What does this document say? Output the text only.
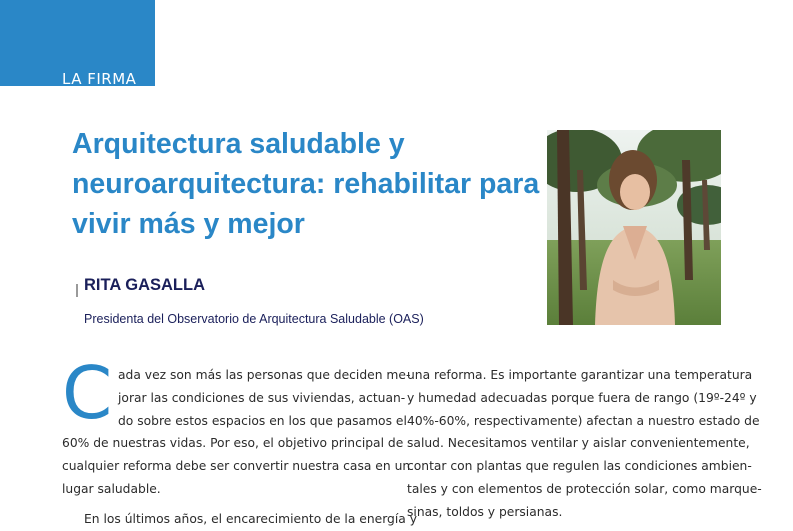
LA FIRMA
Arquitectura saludable y neuroarquitectura: rehabilitar para vivir más y mejor
RITA GASALLA
Presidenta del Observatorio de Arquitectura Saludable (OAS)
C ada vez son más las personas que deciden me-
jorar las condiciones de sus viviendas, actuan-
do sobre estos espacios en los que pasamos el
60% de nuestras vidas. Por eso, el objetivo principal de
cualquier reforma debe ser convertir nuestra casa en un
lugar saludable.

En los últimos años, el encarecimiento de la energía y

una reforma. Es importante garantizar una temperatura
y humedad adecuadas porque fuera de rango (19º-24º y
40%-60%, respectivamente) afectan a nuestro estado de
salud. Necesitamos ventilar y aislar convenientemente,
contar con plantas que regulen las condiciones ambien-
tales y con elementos de protección solar, como marque-
sinas, toldos y persianas.
